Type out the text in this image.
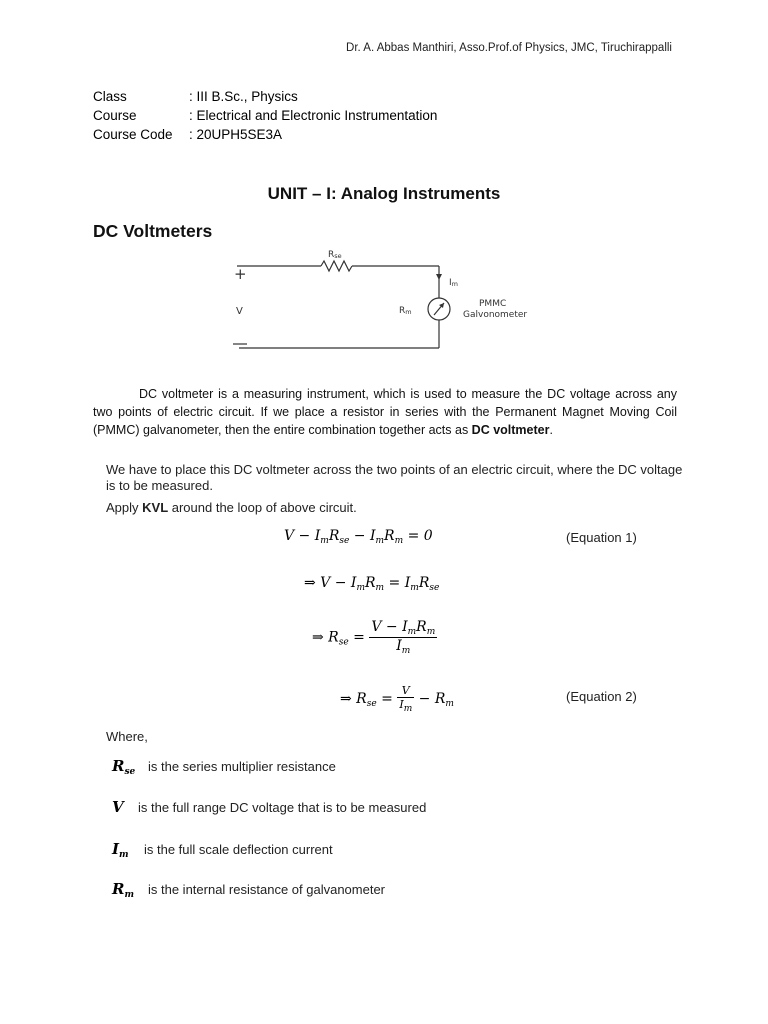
Dr. A. Abbas Manthiri, Asso.Prof.of Physics, JMC, Tiruchirappalli
Class	: III B.Sc., Physics
Course	: Electrical and Electronic Instrumentation
Course Code : 20UPH5SE3A
UNIT – I: Analog Instruments
DC Voltmeters
+
V
Rse
Im
Rm
PMMC
Galvonometer

DC voltmeter is a measuring instrument, which is used to measure the DC voltage across any two points of electric circuit. If we place a resistor in series with the Permanent Magnet Moving Coil (PMMC) galvanometer, then the entire combination together acts as DC voltmeter.

We have to place this DC voltmeter across the two points of an electric circuit, where the DC voltage is to be measured.
Apply KVL around the loop of above circuit.
$V - I_mR_{se} - I_mR_m = 0$	(Equation 1)
⇒ $V - I_mR_m = I_mR_{se}$
⇒ $R_{se} = \frac{V - I_mR_m}{I_m}$
⇒ $R_{se} = \frac{V}{I_m} - R_m$	(Equation 2)
Where,
$R_{se}$ is the series multiplier resistance
V is the full range DC voltage that is to be measured
$I_m$ is the full scale deflection current
$R_m$ is the internal resistance of galvanometer
